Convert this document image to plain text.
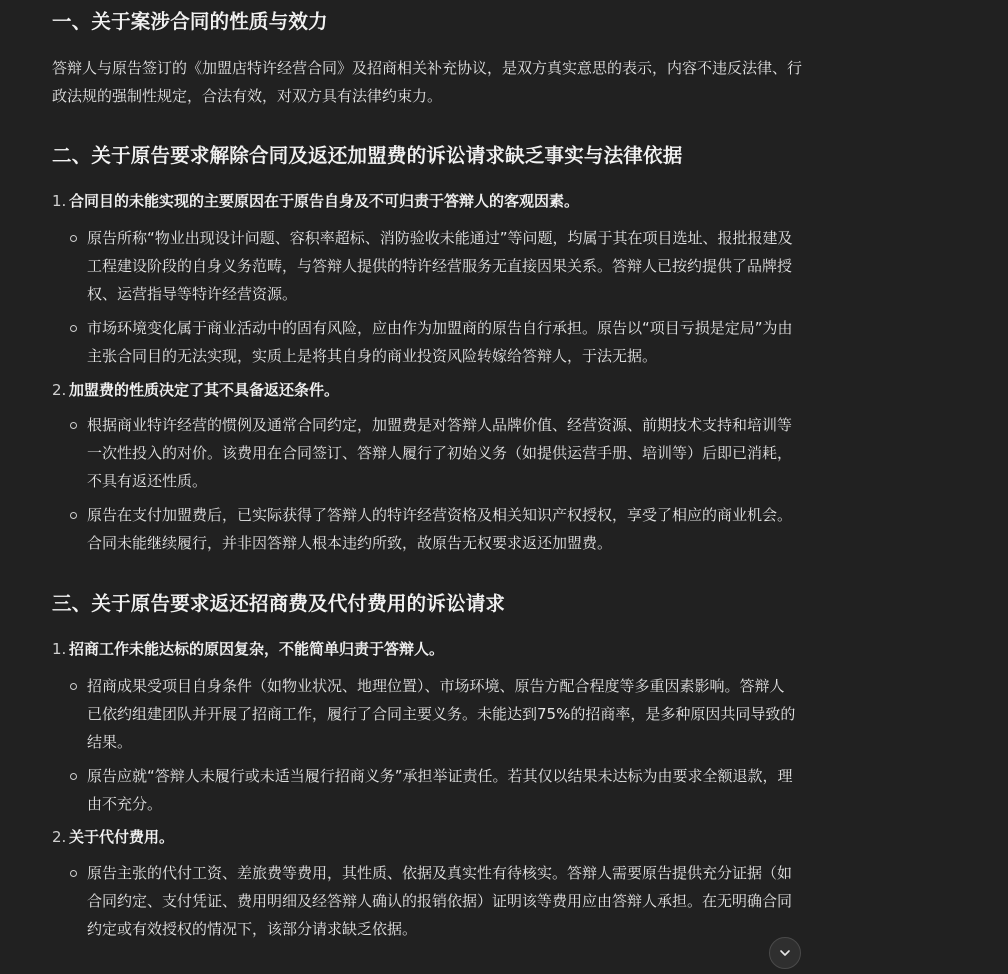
一、关于案涉合同的性质与效力

答辩人与原告签订的《加盟店特许经营合同》及招商相关补充协议，是双方真实意思的表示，内容不违反法律、行政法规的强制性规定，合法有效，对双方具有法律约束力。

二、关于原告要求解除合同及返还加盟费的诉讼请求缺乏事实与法律依据
1. 合同目的未能实现的主要原因在于原告自身及不可归责于答辩人的客观因素。
原告所称“物业出现设计问题、容积率超标、消防验收未能通过”等问题，均属于其在项目选址、报批报建及工程建设阶段的自身义务范畴，与答辩人提供的特许经营服务无直接因果关系。答辩人已按约提供了品牌授权、运营指导等特许经营资源。
市场环境变化属于商业活动中的固有风险，应由作为加盟商的原告自行承担。原告以“项目亏损是定局”为由主张合同目的无法实现，实质上是将其自身的商业投资风险转嫁给答辩人，于法无据。
2. 加盟费的性质决定了其不具备返还条件。
根据商业特许经营的惯例及通常合同约定，加盟费是对答辩人品牌价值、经营资源、前期技术支持和培训等一次性投入的对价。该费用在合同签订、答辩人履行了初始义务（如提供运营手册、培训等）后即已消耗，不具有返还性质。
原告在支付加盟费后，已实际获得了答辩人的特许经营资格及相关知识产权授权，享受了相应的商业机会。合同未能继续履行，并非因答辩人根本违约所致，故原告无权要求返还加盟费。
三、关于原告要求返还招商费及代付费用的诉讼请求
1. 招商工作未能达标的原因复杂，不能简单归责于答辩人。
招商成果受项目自身条件（如物业状况、地理位置）、市场环境、原告方配合程度等多重因素影响。答辩人已依约组建团队并开展了招商工作，履行了合同主要义务。未能达到75%的招商率，是多种原因共同导致的结果。
原告应就“答辩人未履行或未适当履行招商义务”承担举证责任。若其仅以结果未达标为由要求全额退款，理由不充分。
2. 关于代付费用。
原告主张的代付工资、差旅费等费用，其性质、依据及真实性有待核实。答辩人需要原告提供充分证据（如合同约定、支付凭证、费用明细及经答辩人确认的报销依据）证明该等费用应由答辩人承担。在无明确合同约定或有效授权的情况下，该部分请求缺乏依据。
